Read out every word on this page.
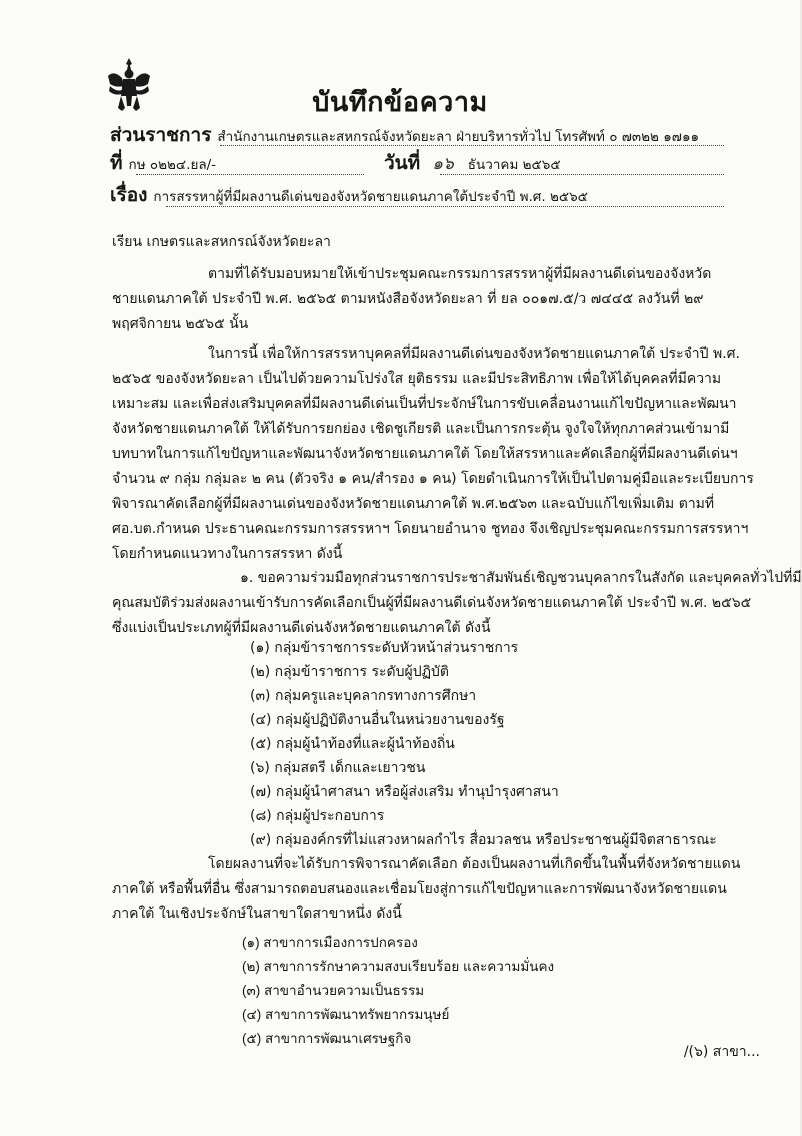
บันทึกข้อความ
ส่วนราชการ สำนักงานเกษตรและสหกรณ์จังหวัดยะลา ฝ่ายบริหารทั่วไป โทรศัพท์ ๐ ๗๓๒๒ ๑๗๑๑
ที่ กษ ๐๒๒๔.ยล/-	วันที่ ๑๖ ธันวาคม ๒๕๖๕
เรื่อง การสรรหาผู้ที่มีผลงานดีเด่นของจังหวัดชายแดนภาคใต้ประจำปี พ.ศ. ๒๕๖๕
เรียน เกษตรและสหกรณ์จังหวัดยะลา
ตามที่ได้รับมอบหมายให้เข้าประชุมคณะกรรมการสรรหาผู้ที่มีผลงานดีเด่นของจังหวัด
ชายแดนภาคใต้ ประจำปี พ.ศ. ๒๕๖๕ ตามหนังสือจังหวัดยะลา ที่ ยล ๐๐๑๗.๕/ว ๗๔๔๕ ลงวันที่ ๒๙
พฤศจิกายน ๒๕๖๕ นั้น
ในการนี้ เพื่อให้การสรรหาบุคคลที่มีผลงานดีเด่นของจังหวัดชายแดนภาคใต้ ประจำปี พ.ศ.
๒๕๖๕ ของจังหวัดยะลา เป็นไปด้วยความโปร่งใส ยุติธรรม และมีประสิทธิภาพ เพื่อให้ได้บุคคลที่มีความ
เหมาะสม และเพื่อส่งเสริมบุคคลที่มีผลงานดีเด่นเป็นที่ประจักษ์ในการขับเคลื่อนงานแก้ไขปัญหาและพัฒนา
จังหวัดชายแดนภาคใต้ ให้ได้รับการยกย่อง เชิดชูเกียรติ และเป็นการกระตุ้น จูงใจให้ทุกภาคส่วนเข้ามามี
บทบาทในการแก้ไขปัญหาและพัฒนาจังหวัดชายแดนภาคใต้ โดยให้สรรหาและคัดเลือกผู้ที่มีผลงานดีเด่นฯ
จำนวน ๙ กลุ่ม กลุ่มละ ๒ คน (ตัวจริง ๑ คน/สำรอง ๑ คน) โดยดำเนินการให้เป็นไปตามคู่มือและระเบียบการ
พิจารณาคัดเลือกผู้ที่มีผลงานเด่นของจังหวัดชายแดนภาคใต้ พ.ศ.๒๕๖๓ และฉบับแก้ไขเพิ่มเติม ตามที่
ศอ.บต.กำหนด ประธานคณะกรรมการสรรหาฯ โดยนายอำนาจ ชูทอง จึงเชิญประชุมคณะกรรมการสรรหาฯ
โดยกำหนดแนวทางในการสรรหา ดังนี้
๑. ขอความร่วมมือทุกส่วนราชการประชาสัมพันธ์เชิญชวนบุคลากรในสังกัด และบุคคลทั่วไปที่มี
คุณสมบัติร่วมส่งผลงานเข้ารับการคัดเลือกเป็นผู้ที่มีผลงานดีเด่นจังหวัดชายแดนภาคใต้ ประจำปี พ.ศ. ๒๕๖๕
ซึ่งแบ่งเป็นประเภทผู้ที่มีผลงานดีเด่นจังหวัดชายแดนภาคใต้ ดังนี้
(๑) กลุ่มข้าราชการระดับหัวหน้าส่วนราชการ
(๒) กลุ่มข้าราชการ ระดับผู้ปฏิบัติ
(๓) กลุ่มครูและบุคลากรทางการศึกษา
(๔) กลุ่มผู้ปฏิบัติงานอื่นในหน่วยงานของรัฐ
(๕) กลุ่มผู้นำท้องที่และผู้นำท้องถิ่น
(๖) กลุ่มสตรี เด็กและเยาวชน
(๗) กลุ่มผู้นำศาสนา หรือผู้ส่งเสริม ทำนุบำรุงศาสนา
(๘) กลุ่มผู้ประกอบการ
(๙) กลุ่มองค์กรที่ไม่แสวงหาผลกำไร สื่อมวลชน หรือประชาชนผู้มีจิตสาธารณะ
โดยผลงานที่จะได้รับการพิจารณาคัดเลือก ต้องเป็นผลงานที่เกิดขึ้นในพื้นที่จังหวัดชายแดน
ภาคใต้ หรือพื้นที่อื่น ซึ่งสามารถตอบสนองและเชื่อมโยงสู่การแก้ไขปัญหาและการพัฒนาจังหวัดชายแดน
ภาคใต้ ในเชิงประจักษ์ในสาขาใดสาขาหนึ่ง ดังนี้
(๑) สาขาการเมืองการปกครอง
(๒) สาขาการรักษาความสงบเรียบร้อย และความมั่นคง
(๓) สาขาอำนวยความเป็นธรรม
(๔) สาขาการพัฒนาทรัพยากรมนุษย์
(๕) สาขาการพัฒนาเศรษฐกิจ
/(๖) สาขา...
